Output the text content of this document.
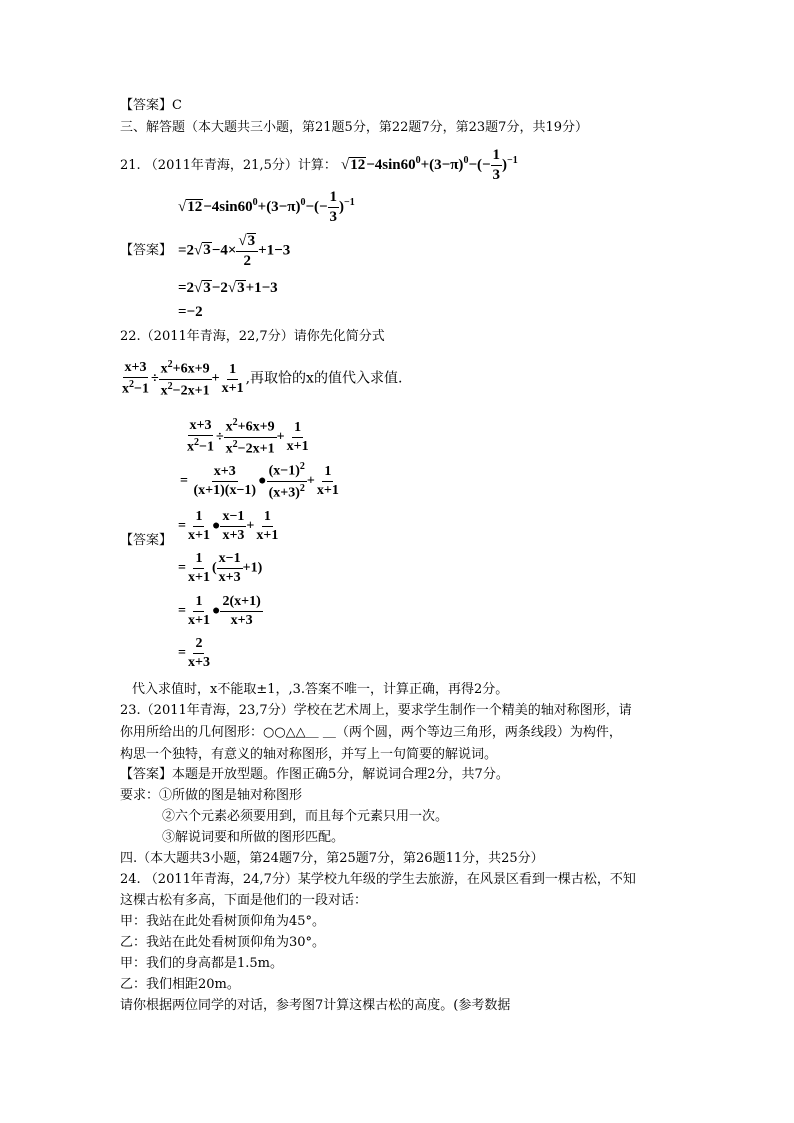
【答案】C
三、解答题（本大题共三小题，第21题5分，第22题7分，第23题7分，共19分）
21. （2011年青海，21,5分）计算： $√12-4\sin 60^0+(3-\pi)^0-(- \frac{1}{3} )^{-1}$
$√12-4\sin 60^0+(3-\pi)^0-(- \frac{1}{3} )^{-1}$
【答案】 $=2√3-4\times \frac{√3}{2} +1-3$
=2√3−2√3+1−3
=−2
22.（2011年青海，22,7分）请你先化简分式
$\frac{x+3}{x^2-1} \div \frac{x^2+6x+9}{x^2-2x+1} + \frac{1}{x+1}$ ,再取恰的x的值代入求值.
$\frac{x+3}{x^2-1} \div \frac{x^2+6x+9}{x^2-2x+1} + \frac{1}{x+1}$
= $\frac{x+3}{(x+1)(x-1)}$ ● $\frac{(x-1)^2}{(x+3)^2} + \frac{1}{x+1}$
【答案】
= $\frac{1}{x+1}$ ● $\frac{x-1}{x+3} + \frac{1}{x+1}$
= $\frac{1}{x+1}$ ( $\frac{x-1}{x+3} +1$)
= $\frac{1}{x+1}$ ● $\frac{2(x+1)}{x+3}$
= $\frac{2}{x+3}$
代入求值时，x不能取±1，,3.答案不唯一，计算正确，再得2分。
23.（2011年青海，23,7分）学校在艺术周上，要求学生制作一个精美的轴对称图形，请
你用所给出的几何图形：○○△△＿ ＿（两个圆，两个等边三角形，两条线段）为构件，
构思一个独特，有意义的轴对称图形，并写上一句简要的解说词。
【答案】本题是开放型题。作图正确5分，解说词合理2分，共7分。
要求：①所做的图是轴对称图形
②六个元素必须要用到，而且每个元素只用一次。
③解说词要和所做的图形匹配。
四.（本大题共3小题，第24题7分，第25题7分，第26题11分，共25分）
24. （2011年青海，24,7分）某学校九年级的学生去旅游，在风景区看到一棵古松，不知
这棵古松有多高，下面是他们的一段对话：
甲：我站在此处看树顶仰角为45°。
乙：我站在此处看树顶仰角为30°。
甲：我们的身高都是1.5m。
乙：我们相距20m。
请你根据两位同学的对话，参考图7计算这棵古松的高度。(参考数据
